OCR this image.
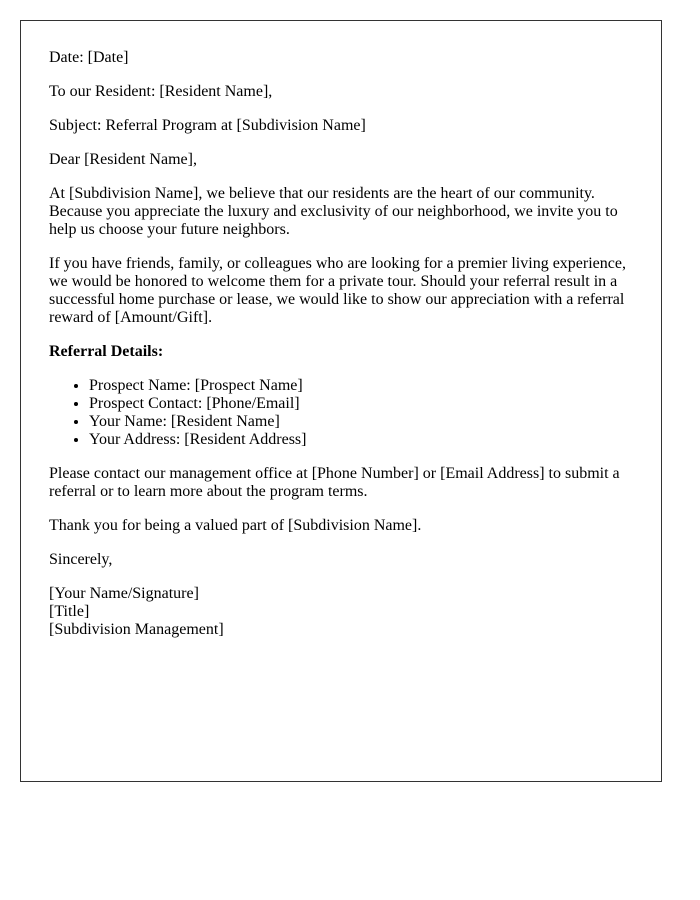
Date: [Date]

To our Resident: [Resident Name],

Subject: Referral Program at [Subdivision Name]

Dear [Resident Name],

At [Subdivision Name], we believe that our residents are the heart of our community. Because you appreciate the luxury and exclusivity of our neighborhood, we invite you to help us choose your future neighbors.

If you have friends, family, or colleagues who are looking for a premier living experience, we would be honored to welcome them for a private tour. Should your referral result in a successful home purchase or lease, we would like to show our appreciation with a referral reward of [Amount/Gift].

Referral Details:
• Prospect Name: [Prospect Name]
• Prospect Contact: [Phone/Email]
• Your Name: [Resident Name]
• Your Address: [Resident Address]

Please contact our management office at [Phone Number] or [Email Address] to submit a referral or to learn more about the program terms.

Thank you for being a valued part of [Subdivision Name].

Sincerely,

[Your Name/Signature]
[Title]
[Subdivision Management]
